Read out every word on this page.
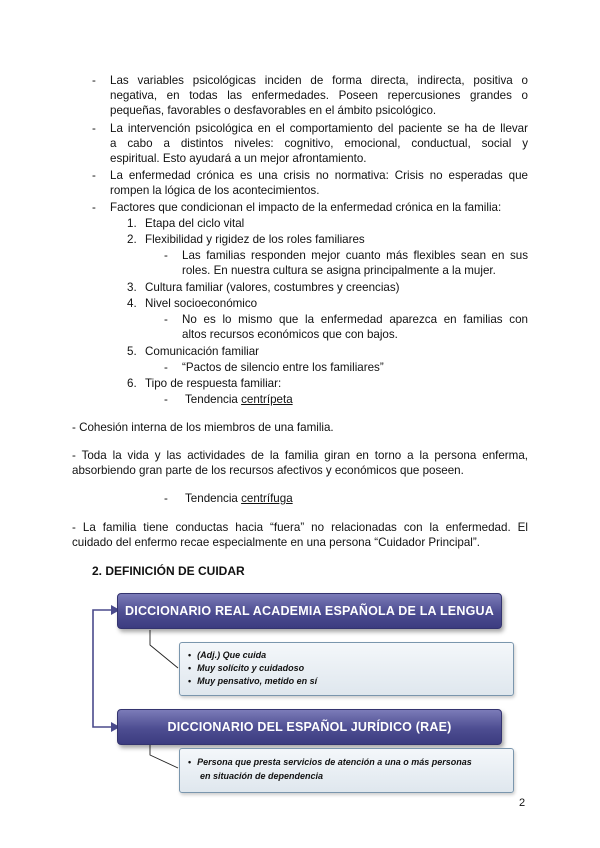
- Las variables psicológicas inciden de forma directa, indirecta, positiva o
negativa, en todas las enfermedades. Poseen repercusiones grandes o
pequeñas, favorables o desfavorables en el ámbito psicológico.
- La intervención psicológica en el comportamiento del paciente se ha de llevar
a cabo a distintos niveles: cognitivo, emocional, conductual, social y
espiritual. Esto ayudará a un mejor afrontamiento.
- La enfermedad crónica es una crisis no normativa: Crisis no esperadas que
rompen la lógica de los acontecimientos.
- Factores que condicionan el impacto de la enfermedad crónica en la familia:
1. Etapa del ciclo vital
2. Flexibilidad y rigidez de los roles familiares
- Las familias responden mejor cuanto más flexibles sean en sus
roles. En nuestra cultura se asigna principalmente a la mujer.
3. Cultura familiar (valores, costumbres y creencias)
4. Nivel socioeconómico
- No es lo mismo que la enfermedad aparezca en familias con
altos recursos económicos que con bajos.
5. Comunicación familiar
- “Pactos de silencio entre los familiares”
6. Tipo de respuesta familiar:
- Tendencia centrípeta
- Cohesión interna de los miembros de una familia.
- Toda la vida y las actividades de la familia giran en torno a la persona enferma,
absorbiendo gran parte de los recursos afectivos y económicos que poseen.
- Tendencia centrífuga
- La familia tiene conductas hacia “fuera” no relacionadas con la enfermedad. El
cuidado del enfermo recae especialmente en una persona “Cuidador Principal”.
2. DEFINICIÓN DE CUIDAR
DICCIONARIO REAL ACADEMIA ESPAÑOLA DE LA LENGUA
• (Adj.) Que cuida
• Muy solícito y cuidadoso
• Muy pensativo, metido en sí
DICCIONARIO DEL ESPAÑOL JURÍDICO (RAE)
• Persona que presta servicios de atención a una o más personas
en situación de dependencia
2
